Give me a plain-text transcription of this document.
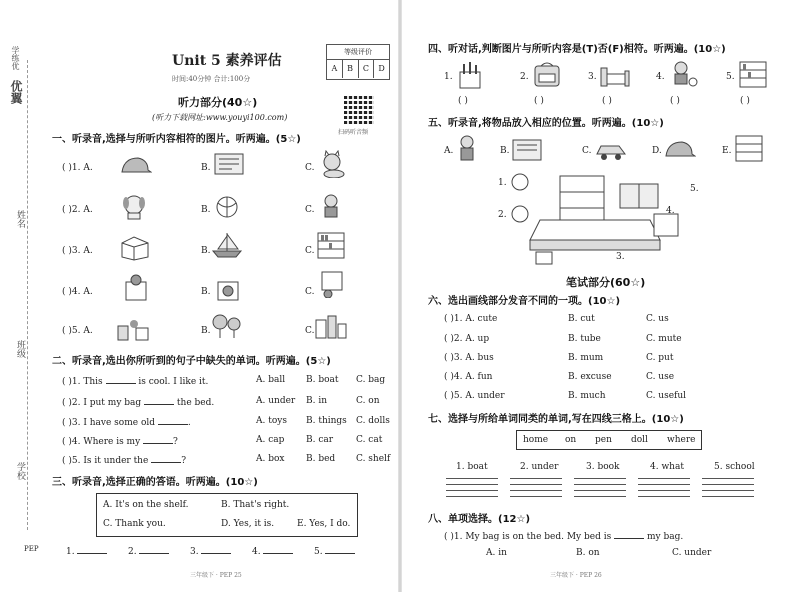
优翼
学练优
姓名
班级
学校
PEP
Unit 5 素养评估
时间:40分钟 合计:100分
等级评价
A	B	C	D
扫码听音频
听力部分(40☆)
(听力下载网址:www.youyi100.com)
一、听录音,选择与所听内容相符的图片。听两遍。(5☆)
( )1. A.	B.	C.
( )2. A.	B.	C.
( )3. A.	B.	C.
( )4. A.	B.	C.
( )5. A.	B.	C.
二、听录音,选出你所听到的句子中缺失的单词。听两遍。(5☆)
( )1. This	is cool. I like it.	A. ball B. boat C. bag
( )2. I put my bag	the bed.	A. under B. in	C. on
( )3. I have some old	.	A. toys B. things C. dolls
( )4. Where is my	?	A. cap B. car	C. cat
( )5. Is it under the	?	A. box B. bed C. shelf
三、听录音,选择正确的答语。听两遍。(10☆)
A. It's on the shelf.	B. That's right.
C. Thank you.	D. Yes, it is.	E. Yes, I do.
1.	2.	3.	4.	5.
三年级下 · PEP 25
四、听对话,判断图片与所听内容是(T)否(F)相符。听两遍。(10☆)
1.
( )
2.
( )
3.
( )
4.
( )
5.
( )
五、听录音,将物品放入相应的位置。听两遍。(10☆)
A.	B.	C.	D.	E.
1.
2.
3.
4.
5.
笔试部分(60☆)
六、选出画线部分发音不同的一项。(10☆)
( )1. A. cute	B. cut	C. us
( )2. A. up	B. tube	C. mute
( )3. A. bus	B. mum	C. put
( )4. A. fun	B. excuse	C. use
( )5. A. under	B. much	C. useful
七、选择与所给单词同类的单词,写在四线三格上。(10☆)
home on pen doll where
1. boat	2. under	3. book	4. what	5. school
八、单项选择。(12☆)
( )1. My bag is on the bed. My bed is	my bag.
A. in	B. on	C. under
三年级下 · PEP 26
